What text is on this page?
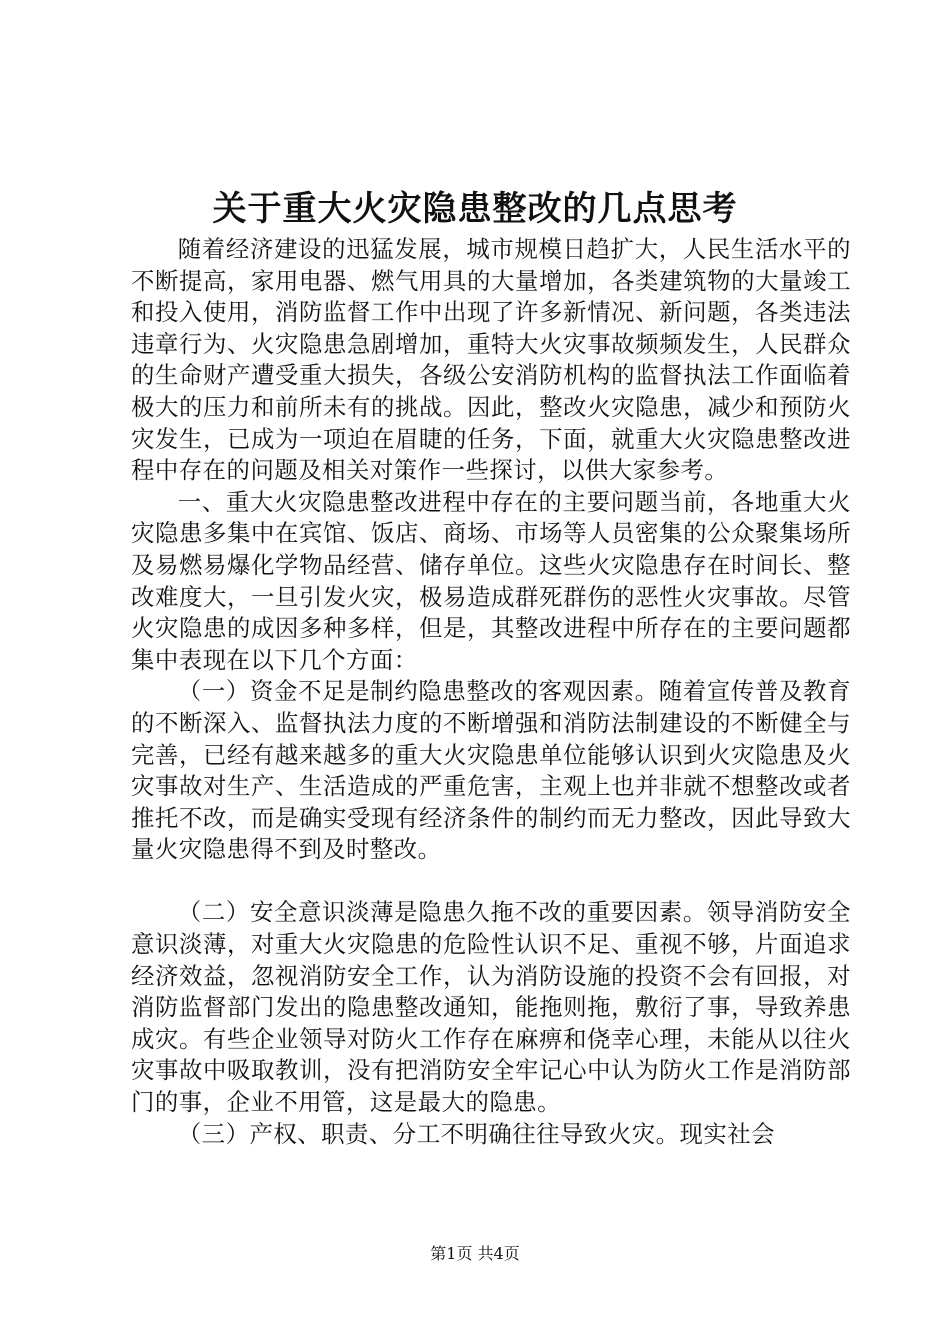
关于重大火灾隐患整改的几点思考

随着经济建设的迅猛发展，城市规模日趋扩大，人民生活水平的不断提高，家用电器、燃气用具的大量增加，各类建筑物的大量竣工和投入使用，消防监督工作中出现了许多新情况、新问题，各类违法违章行为、火灾隐患急剧增加，重特大火灾事故频频发生，人民群众的生命财产遭受重大损失，各级公安消防机构的监督执法工作面临着极大的压力和前所未有的挑战。因此，整改火灾隐患，减少和预防火灾发生，已成为一项迫在眉睫的任务，下面，就重大火灾隐患整改进程中存在的问题及相关对策作一些探讨，以供大家参考。

一、重大火灾隐患整改进程中存在的主要问题当前，各地重大火灾隐患多集中在宾馆、饭店、商场、市场等人员密集的公众聚集场所及易燃易爆化学物品经营、储存单位。这些火灾隐患存在时间长、整改难度大，一旦引发火灾，极易造成群死群伤的恶性火灾事故。尽管火灾隐患的成因多种多样，但是，其整改进程中所存在的主要问题都集中表现在以下几个方面：

（一）资金不足是制约隐患整改的客观因素。随着宣传普及教育的不断深入、监督执法力度的不断增强和消防法制建设的不断健全与完善，已经有越来越多的重大火灾隐患单位能够认识到火灾隐患及火灾事故对生产、生活造成的严重危害，主观上也并非就不想整改或者推托不改，而是确实受现有经济条件的制约而无力整改，因此导致大量火灾隐患得不到及时整改。

（二）安全意识淡薄是隐患久拖不改的重要因素。领导消防安全意识淡薄，对重大火灾隐患的危险性认识不足、重视不够，片面追求经济效益，忽视消防安全工作，认为消防设施的投资不会有回报，对消防监督部门发出的隐患整改通知，能拖则拖，敷衍了事，导致养患成灾。有些企业领导对防火工作存在麻痹和侥幸心理，未能从以往火灾事故中吸取教训，没有把消防安全牢记心中认为防火工作是消防部门的事，企业不用管，这是最大的隐患。

（三）产权、职责、分工不明确往往导致火灾。现实社会

第1页 共4页
